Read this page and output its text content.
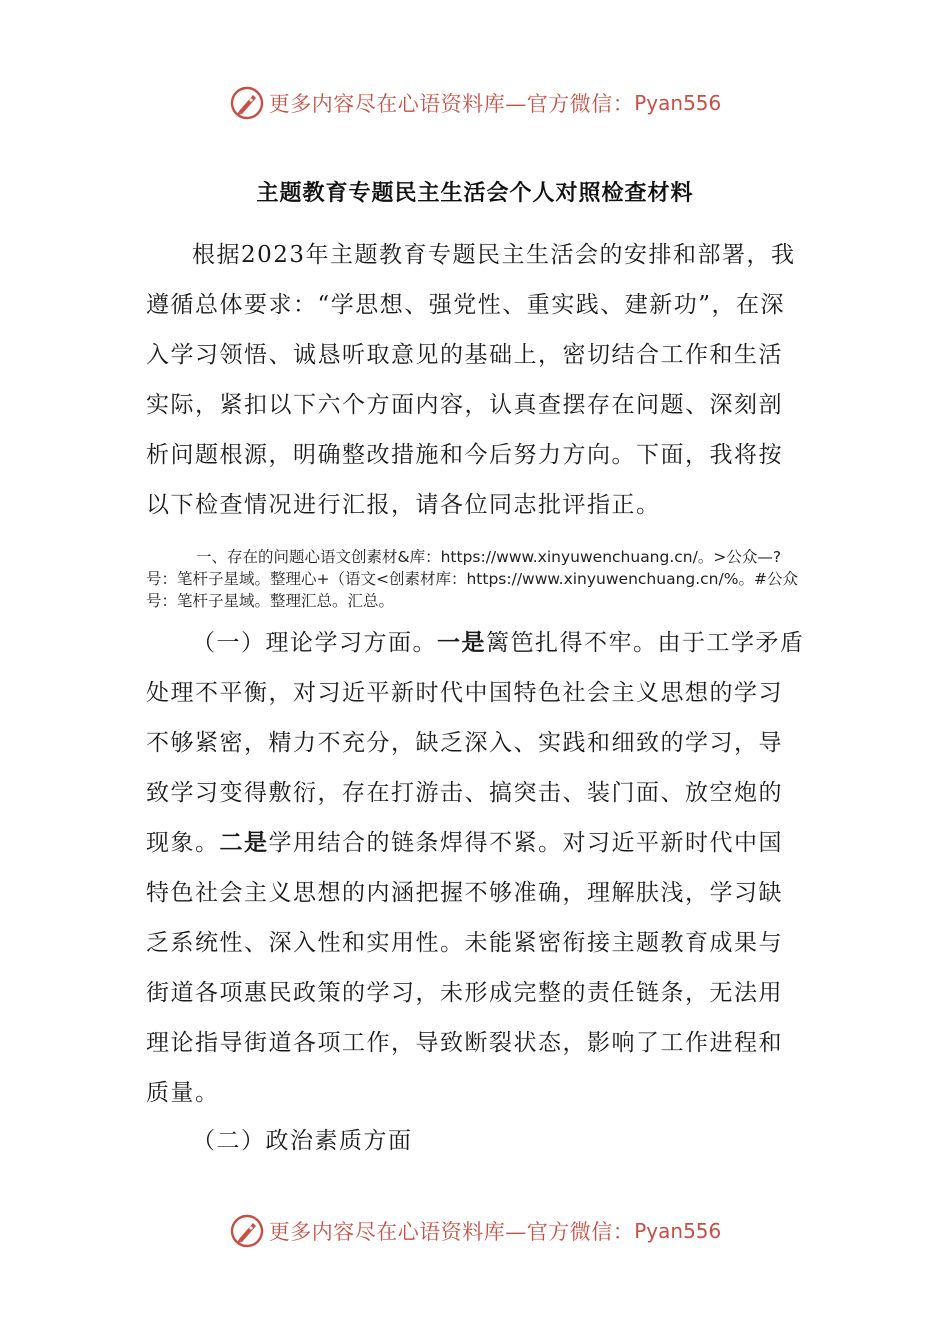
更多内容尽在心语资料库—官方微信： Pyan556
主题教育专题民主生活会个人对照检查材料

根据2023年主题教育专题民主生活会的安排和部署，我遵循总体要求：“学思想、强党性、重实践、建新功”，在深入学习领悟、诚恳听取意见的基础上，密切结合工作和生活实际，紧扣以下六个方面内容，认真查摆存在问题、深刻剖析问题根源，明确整改措施和今后努力方向。下面，我将按以下检查情况进行汇报，请各位同志批评指正。

一、存在的问题心语文创素材&库：https://www.xinyuwenchuang.cn/。>公众—?号：笔杆子星域。整理心+（语文<创素材库：https://www.xinyuwenchuang.cn/%。#公众号：笔杆子星域。整理汇总。汇总。

（一）理论学习方面。一是篱笆扎得不牢。由于工学矛盾处理不平衡，对习近平新时代中国特色社会主义思想的学习不够紧密，精力不充分，缺乏深入、实践和细致的学习，导致学习变得敷衍，存在打游击、搞突击、装门面、放空炮的现象。二是学用结合的链条焊得不紧。对习近平新时代中国特色社会主义思想的内涵把握不够准确，理解肤浅，学习缺乏系统性、深入性和实用性。未能紧密衔接主题教育成果与街道各项惠民政策的学习，未形成完整的责任链条，无法用理论指导街道各项工作，导致断裂状态，影响了工作进程和质量。

（二）政治素质方面
更多内容尽在心语资料库—官方微信： Pyan556
